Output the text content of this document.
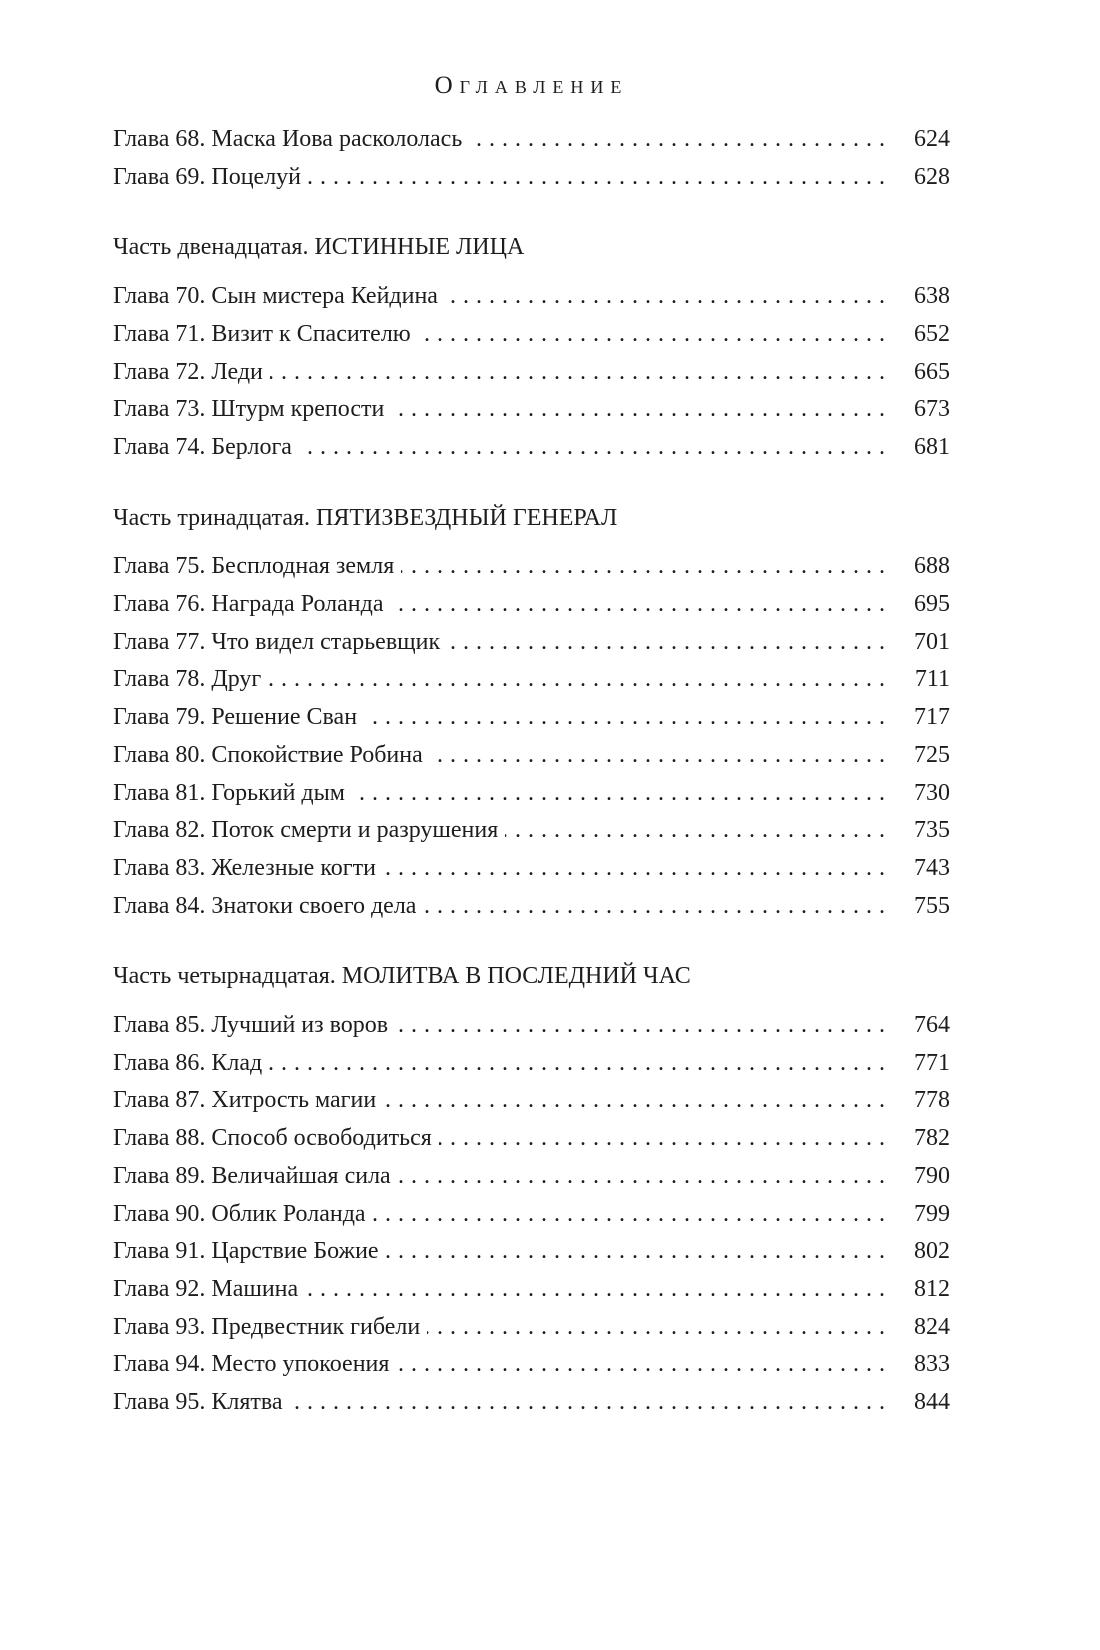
Оглавление
Глава 68. Маска Иова раскололась .....	624
Глава 69. Поцелуй .....	628
Часть двенадцатая. ИСТИННЫЕ ЛИЦА
Глава 70. Сын мистера Кейдина .....	638
Глава 71. Визит к Спасителю .....	652
Глава 72. Леди .....	665
Глава 73. Штурм крепости .....	673
Глава 74. Берлога .....	681
Часть тринадцатая. ПЯТИЗВЕЗДНЫЙ ГЕНЕРАЛ
Глава 75. Бесплодная земля .....	688
Глава 76. Награда Роланда .....	695
Глава 77. Что видел старьевщик .....	701
Глава 78. Друг .....	711
Глава 79. Решение Сван .....	717
Глава 80. Спокойствие Робина .....	725
Глава 81. Горький дым .....	730
Глава 82. Поток смерти и разрушения .....	735
Глава 83. Железные когти .....	743
Глава 84. Знатоки своего дела .....	755
Часть четырнадцатая. МОЛИТВА В ПОСЛЕДНИЙ ЧАС
Глава 85. Лучший из воров .....	764
Глава 86. Клад .....	771
Глава 87. Хитрость магии .....	778
Глава 88. Способ освободиться .....	782
Глава 89. Величайшая сила .....	790
Глава 90. Облик Роланда .....	799
Глава 91. Царствие Божие .....	802
Глава 92. Машина .....	812
Глава 93. Предвестник гибели .....	824
Глава 94. Место упокоения .....	833
Глава 95. Клятва .....	844
